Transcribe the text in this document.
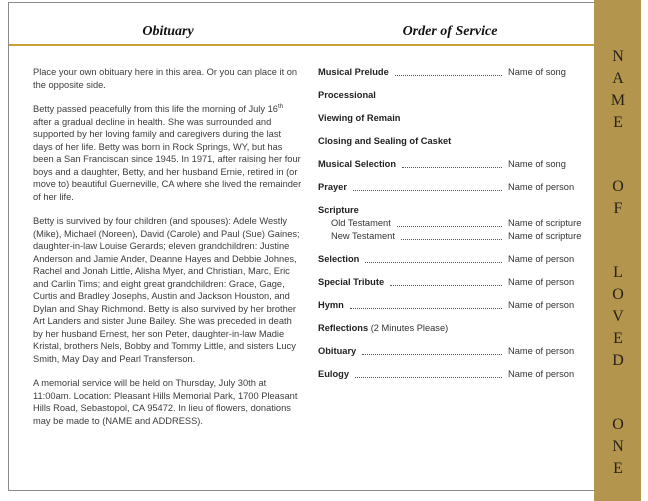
Obituary	Order of Service

Place your own obituary here in this area. Or you can place it on the opposite side.

Betty passed peacefully from this life the morning of July 16th after a gradual decline in health. She was surrounded and supported by her loving family and caregivers during the last days of her life. Betty was born in Rock Springs, WY, but has been a San Franciscan since 1945. In 1971, after raising her four boys and a daughter, Betty, and her husband Ernie, retired in (or move to) beautiful Guerneville, CA where she lived the remainder of her life.

Betty is survived by four children (and spouses): Adele Westly (Mike), Michael (Noreen), David (Carole) and Paul (Sue) Gaines; daughter-in-law Louise Gerards; eleven grandchildren: Justine Anderson and Jamie Ander, Deanne Hayes and Debbie Johnes, Rachel and Jonah Little, Alisha Myer, and Christian, Marc, Eric and Carlin Tims; and eight great grandchildren: Grace, Gage, Curtis and Bradley Josephs, Austin and Jackson Houston, and Dylan and Shay Richmond. Betty is also survived by her brother Art Landers and sister June Bailey. She was preceded in death by her husband Ernest, her son Peter, daughter-in-law Madie Kristal, brothers Nels, Bobby and Tommy Little, and sisters Lucy Smith, May Day and Pearl Transferson.

A memorial service will be held on Thursday, July 30th at 11:00am. Location: Pleasant Hills Memorial Park, 1700 Pleasant Hills Road, Sebastopol, CA 95472. In lieu of flowers, donations may be made to (NAME and ADDRESS).

Musical Prelude	Name of song
Processional
Viewing of Remain
Closing and Sealing of Casket
Musical Selection	Name of song
Prayer	Name of person
Scripture
Old Testament	Name of scripture
New Testament	Name of scripture
Selection	Name of person
Special Tribute	Name of person
Hymn	Name of person
Reflections (2 Minutes Please)
Obituary	Name of person
Eulogy	Name of person	NAME OF LOVED ONE
